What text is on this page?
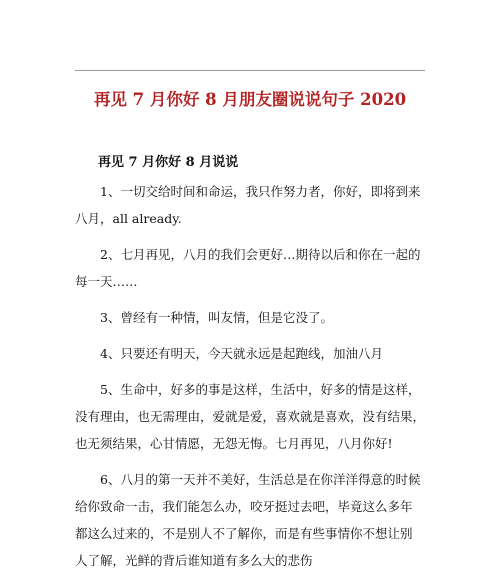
再见 7 月你好 8 月朋友圈说说句子 2020
再见 7 月你好 8 月说说
1、一切交给时间和命运，我只作努力者，你好，即将到来
八月，all already.
2、七月再见，八月的我们会更好…期待以后和你在一起的
每一天……
3、曾经有一种情，叫友情，但是它没了。
4、只要还有明天，今天就永远是起跑线，加油八月
5、生命中，好多的事是这样，生活中，好多的情是这样，
没有理由，也无需理由，爱就是爱，喜欢就是喜欢，没有结果，
也无须结果，心甘情愿，无怨无悔。七月再见，八月你好!
6、八月的第一天并不美好，生活总是在你洋洋得意的时候
给你致命一击，我们能怎么办，咬牙挺过去吧，毕竟这么多年
都这么过来的，不是别人不了解你，而是有些事情你不想让别
人了解，光鲜的背后谁知道有多么大的悲伤
